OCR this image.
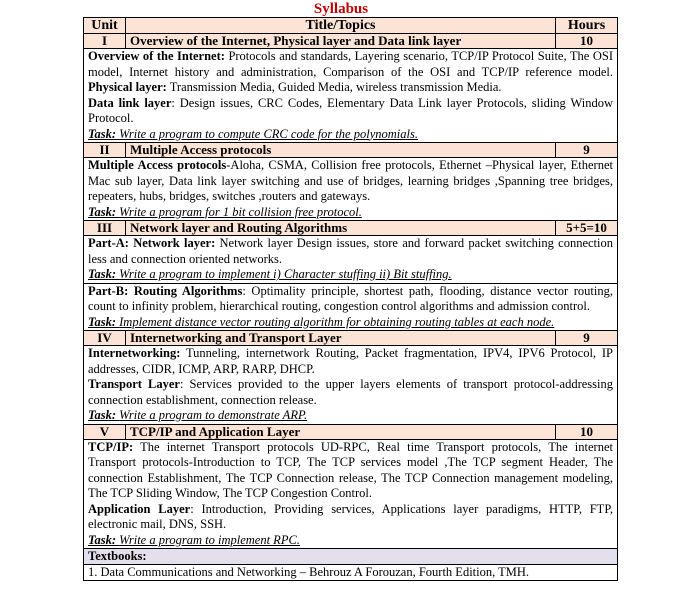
Syllabus
Unit	Title/Topics	Hours
I	Overview of the Internet, Physical layer and Data link layer	10

Overview of the Internet: Protocols and standards, Layering scenario, TCP/IP Protocol Suite, The OSI model, Internet history and administration, Comparison of the OSI and TCP/IP reference model. Physical layer: Transmission Media, Guided Media, wireless transmission Media.

Data link layer: Design issues, CRC Codes, Elementary Data Link layer Protocols, sliding Window Protocol.

Task: Write a program to compute CRC code for the polynomials.		

II	Multiple Access protocols	9

Multiple Access protocols-Aloha, CSMA, Collision free protocols, Ethernet –Physical layer, Ethernet Mac sub layer, Data link layer switching and use of bridges, learning bridges ,Spanning tree bridges, repeaters, hubs, bridges, switches ,routers and gateways.

Task: Write a program for 1 bit collision free protocol.		

III	Network layer and Routing Algorithms	5+5=10

Part-A: Network layer: Network layer Design issues, store and forward packet switching connection less and connection oriented networks.

Task: Write a program to implement i) Character stuffing ii) Bit stuffing.		

Part-B: Routing Algorithms: Optimality principle, shortest path, flooding, distance vector routing, count to infinity problem, hierarchical routing, congestion control algorithms and admission control.

Task: Implement distance vector routing algorithm for obtaining routing tables at each node.		

IV	Internetworking and Transport Layer	9

Internetworking: Tunneling, internetwork Routing, Packet fragmentation, IPV4, IPV6 Protocol, IP addresses, CIDR, ICMP, ARP, RARP, DHCP.

Transport Layer: Services provided to the upper layers elements of transport protocol-addressing connection establishment, connection release.

Task: Write a program to demonstrate ARP.		

V	TCP/IP and Application Layer	10

TCP/IP: The internet Transport protocols UD-RPC, Real time Transport protocols, The internet Transport protocols-Introduction to TCP, The TCP services model ,The TCP segment Header, The connection Establishment, The TCP Connection release, The TCP Connection management modeling, The TCP Sliding Window, The TCP Congestion Control.

Application Layer: Introduction, Providing services, Applications layer paradigms, HTTP, FTP, electronic mail, DNS, SSH.

Task: Write a program to implement RPC.		

Textbooks:		
1. Data Communications and Networking – Behrouz A Forouzan, Fourth Edition, TMH.		
